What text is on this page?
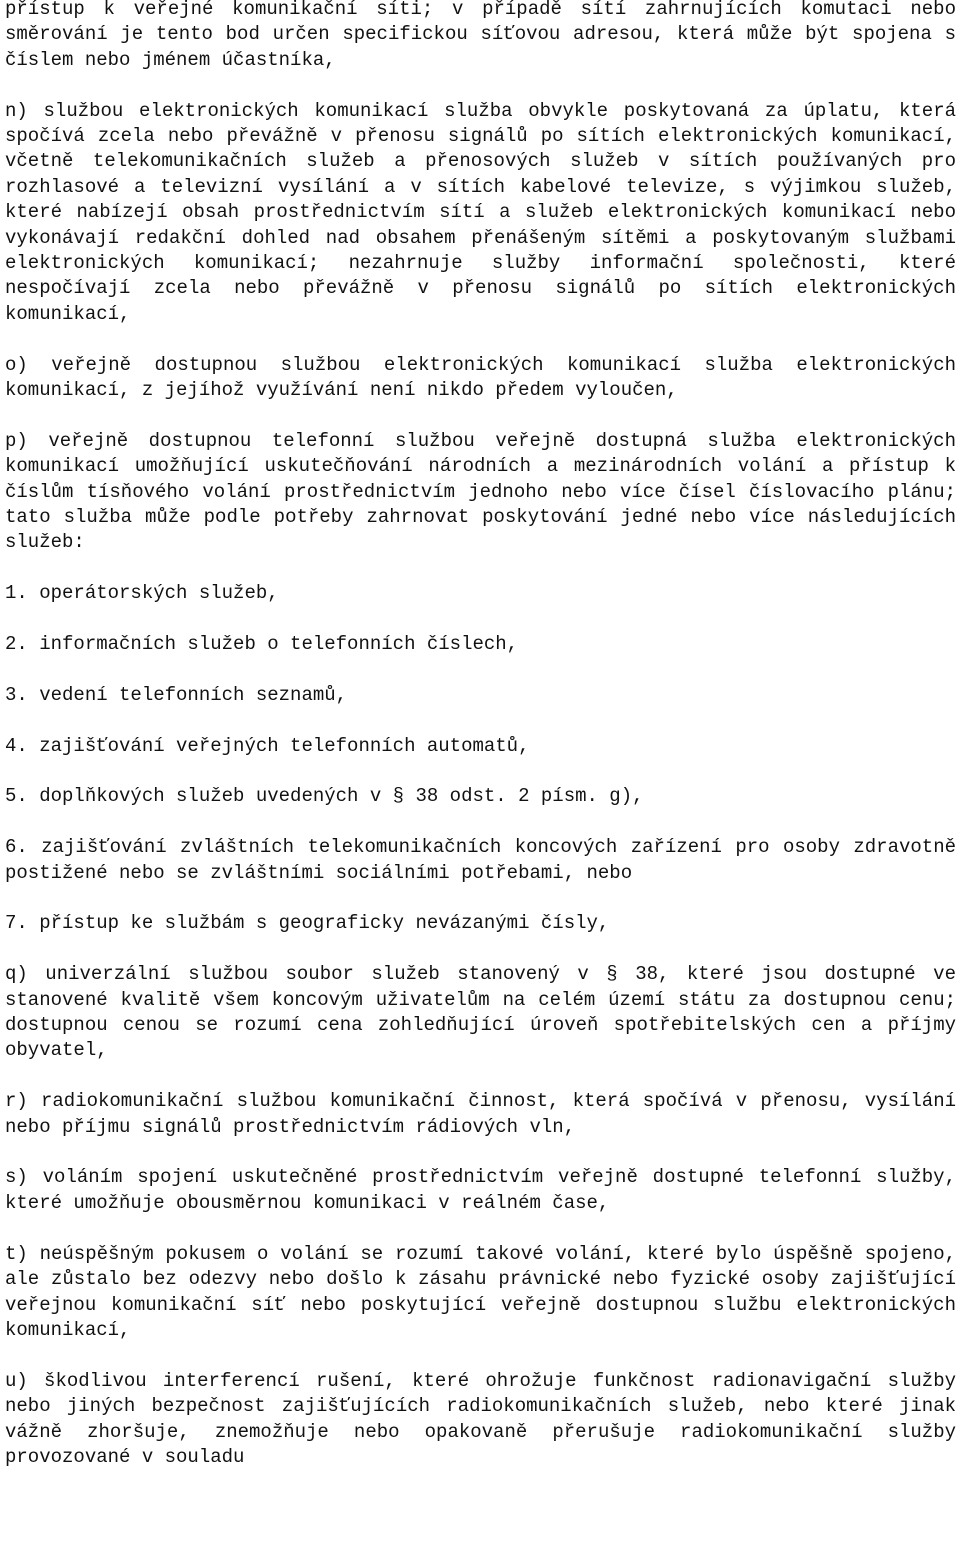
přístup k veřejné komunikační síti; v případě sítí zahrnujících komutaci nebo směrování je tento bod určen specifickou síťovou adresou, která může být spojena s číslem nebo jménem účastníka,

n) službou elektronických komunikací služba obvykle poskytovaná za úplatu, která spočívá zcela nebo převážně v přenosu signálů po sítích elektronických komunikací, včetně telekomunikačních služeb a přenosových služeb v sítích používaných pro rozhlasové a televizní vysílání a v sítích kabelové televize, s výjimkou služeb, které nabízejí obsah prostřednictvím sítí a služeb elektronických komunikací nebo vykonávají redakční dohled nad obsahem přenášeným sítěmi a poskytovaným službami elektronických komunikací; nezahrnuje služby informační společnosti, které nespočívají zcela nebo převážně v přenosu signálů po sítích elektronických komunikací,

o) veřejně dostupnou službou elektronických komunikací služba elektronických komunikací, z jejíhož využívání není nikdo předem vyloučen,

p) veřejně dostupnou telefonní službou veřejně dostupná služba elektronických komunikací umožňující uskutečňování národních a mezinárodních volání a přístup k číslům tísňového volání prostřednictvím jednoho nebo více čísel číslovacího plánu; tato služba může podle potřeby zahrnovat poskytování jedné nebo více následujících služeb:

1. operátorských služeb,

2. informačních služeb o telefonních číslech,

3. vedení telefonních seznamů,

4. zajišťování veřejných telefonních automatů,

5. doplňkových služeb uvedených v § 38 odst. 2 písm. g),

6. zajišťování zvláštních telekomunikačních koncových zařízení pro osoby zdravotně postižené nebo se zvláštními sociálními potřebami, nebo

7. přístup ke službám s geograficky nevázanými čísly,

q) univerzální službou soubor služeb stanovený v § 38, které jsou dostupné ve stanovené kvalitě všem koncovým uživatelům na celém území státu za dostupnou cenu; dostupnou cenou se rozumí cena zohledňující úroveň spotřebitelských cen a příjmy obyvatel,

r) radiokomunikační službou komunikační činnost, která spočívá v přenosu, vysílání nebo příjmu signálů prostřednictvím rádiových vln,

s) voláním spojení uskutečněné prostřednictvím veřejně dostupné telefonní služby, které umožňuje obousměrnou komunikaci v reálném čase,

t) neúspěšným pokusem o volání se rozumí takové volání, které bylo úspěšně spojeno, ale zůstalo bez odezvy nebo došlo k zásahu právnické nebo fyzické osoby zajišťující veřejnou komunikační síť nebo poskytující veřejně dostupnou službu elektronických komunikací,

u) škodlivou interferencí rušení, které ohrožuje funkčnost radionavigační služby nebo jiných bezpečnost zajišťujících radiokomunikačních služeb, nebo které jinak vážně zhoršuje, znemožňuje nebo opakovaně přerušuje radiokomunikační služby provozované v souladu
